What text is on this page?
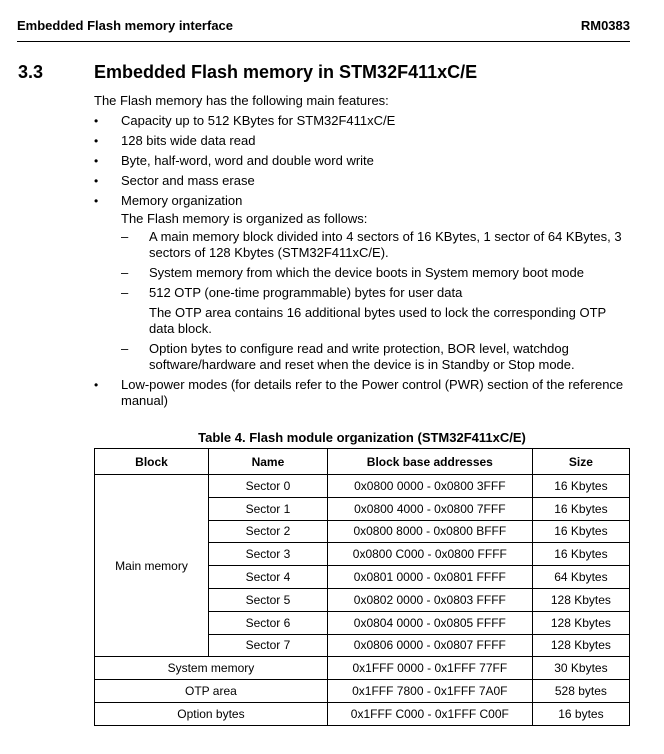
Embedded Flash memory interface	RM0383
3.3	Embedded Flash memory in STM32F411xC/E

The Flash memory has the following main features:

• Capacity up to 512 KBytes for STM32F411xC/E
• 128 bits wide data read
• Byte, half-word, word and double word write
• Sector and mass erase
• Memory organization
The Flash memory is organized as follows:
– A main memory block divided into 4 sectors of 16 KBytes, 1 sector of 64 KBytes, 3 sectors of 128 Kbytes (STM32F411xC/E).
– System memory from which the device boots in System memory boot mode
– 512 OTP (one-time programmable) bytes for user data
The OTP area contains 16 additional bytes used to lock the corresponding OTP data block.
– Option bytes to configure read and write protection, BOR level, watchdog software/hardware and reset when the device is in Standby or Stop mode.
• Low-power modes (for details refer to the Power control (PWR) section of the reference manual)
Table 4. Flash module organization (STM32F411xC/E)
Block	Name	Block base addresses	Size
Main memory	Sector 0	0x0800 0000 - 0x0800 3FFF	16 Kbytes
	Sector 1	0x0800 4000 - 0x0800 7FFF	16 Kbytes
	Sector 2	0x0800 8000 - 0x0800 BFFF	16 Kbytes
	Sector 3	0x0800 C000 - 0x0800 FFFF	16 Kbytes
	Sector 4	0x0801 0000 - 0x0801 FFFF	64 Kbytes
	Sector 5	0x0802 0000 - 0x0803 FFFF	128 Kbytes
	Sector 6	0x0804 0000 - 0x0805 FFFF	128 Kbytes
	Sector 7	0x0806 0000 - 0x0807 FFFF	128 Kbytes
System memory		0x1FFF 0000 - 0x1FFF 77FF	30 Kbytes
OTP area		0x1FFF 7800 - 0x1FFF 7A0F	528 bytes
Option bytes		0x1FFF C000 - 0x1FFF C00F	16 bytes
